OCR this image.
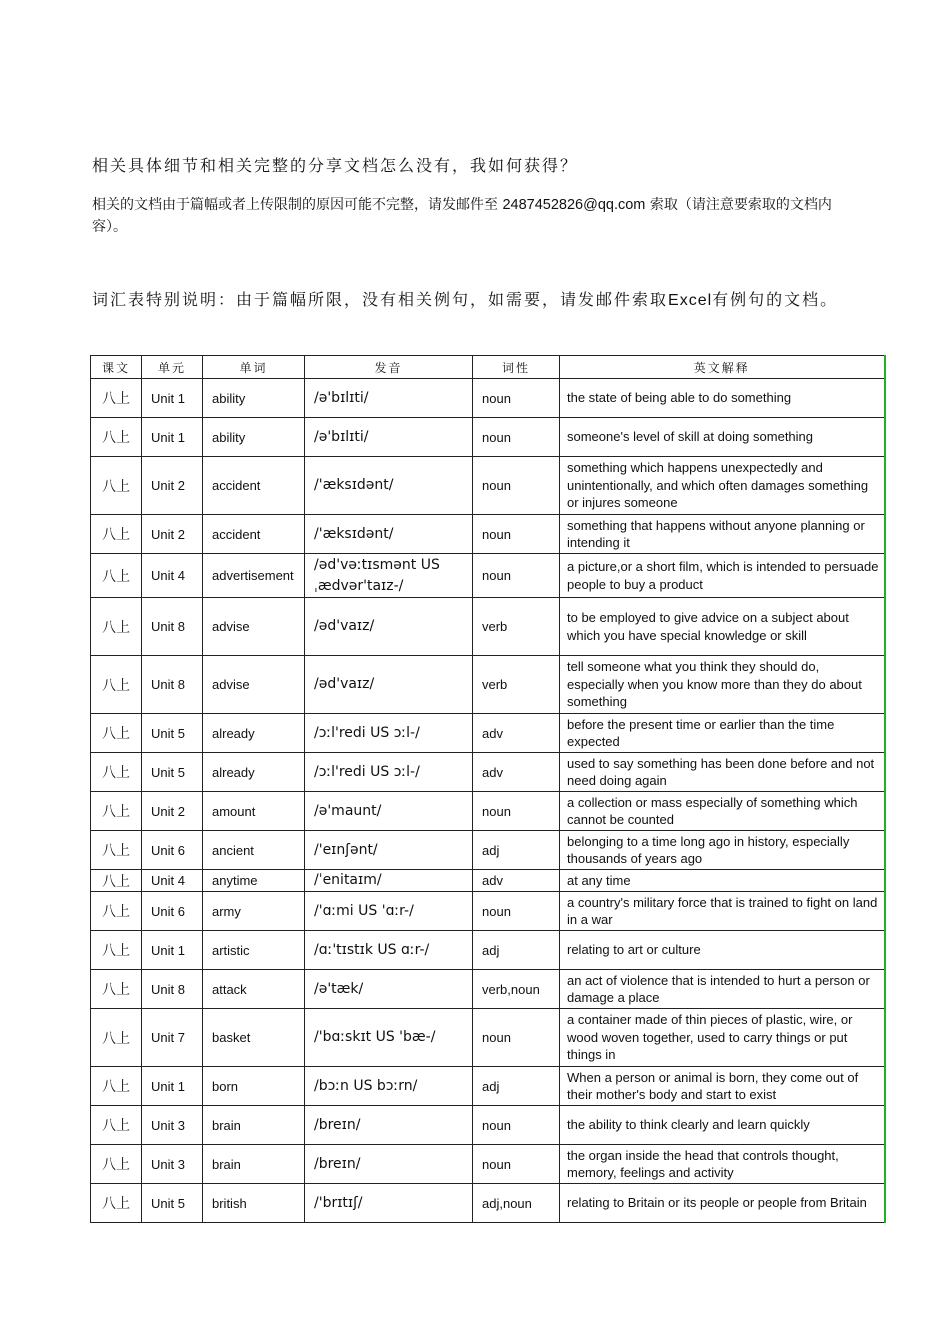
相关具体细节和相关完整的分享文档怎么没有，我如何获得？
相关的文档由于篇幅或者上传限制的原因可能不完整，请发邮件至 2487452826@qq.com 索取（请注意要索取的文档内容）。
词汇表特别说明：由于篇幅所限，没有相关例句，如需要，请发邮件索取Excel有例句的文档。
课文	单元	单词	发音	词性	英文解释
八上	Unit 1	ability	/ə'bɪlɪti/	noun	the state of being able to do something
八上	Unit 1	ability	/ə'bɪlɪti/	noun	someone's level of skill at doing something
八上	Unit 2	accident	/'æksɪdənt/	noun	something which happens unexpectedly and unintentionally, and which often damages something or injures someone
八上	Unit 2	accident	/'æksɪdənt/	noun	something that happens without anyone planning or intending it
八上	Unit 4	advertisement	/əd'vəːtɪsmənt US ˌædvər'taɪz-/	noun	a picture,or a short film, which is intended to persuade people to buy a product
八上	Unit 8	advise	/əd'vaɪz/	verb	to be employed to give advice on a subject about which you have special knowledge or skill
八上	Unit 8	advise	/əd'vaɪz/	verb	tell someone what you think they should do, especially when you know more than they do about something
八上	Unit 5	already	/ɔːl'redi US ɔːl-/	adv	before the present time or earlier than the time expected
八上	Unit 5	already	/ɔːl'redi US ɔːl-/	adv	used to say something has been done before and not need doing again
八上	Unit 2	amount	/ə'maunt/	noun	a collection or mass especially of something which cannot be counted
八上	Unit 6	ancient	/'eɪnʃənt/	adj	belonging to a time long ago in history, especially thousands of years ago
八上	Unit 4	anytime	/ˈenitaɪm/	adv	at any time
八上	Unit 6	army	/'ɑːmi US 'ɑːr-/	noun	a country's military force that is trained to fight on land in a war
八上	Unit 1	artistic	/ɑː'tɪstɪk US ɑːr-/	adj	relating to art or culture
八上	Unit 8	attack	/ə'tæk/	verb,noun	an act of violence that is intended to hurt a person or damage a place
八上	Unit 7	basket	/'bɑːskɪt US 'bæ-/	noun	a container made of thin pieces of plastic, wire, or wood woven together, used to carry things or put things in
八上	Unit 1	born	/bɔːn US bɔːrn/	adj	When a person or animal is born, they come out of their mother's body and start to exist
八上	Unit 3	brain	/breɪn/	noun	the ability to think clearly and learn quickly
八上	Unit 3	brain	/breɪn/	noun	the organ inside the head that controls thought, memory, feelings and activity
八上	Unit 5	british	/'brɪtɪʃ/	adj,noun	relating to Britain or its people or people from Britain
